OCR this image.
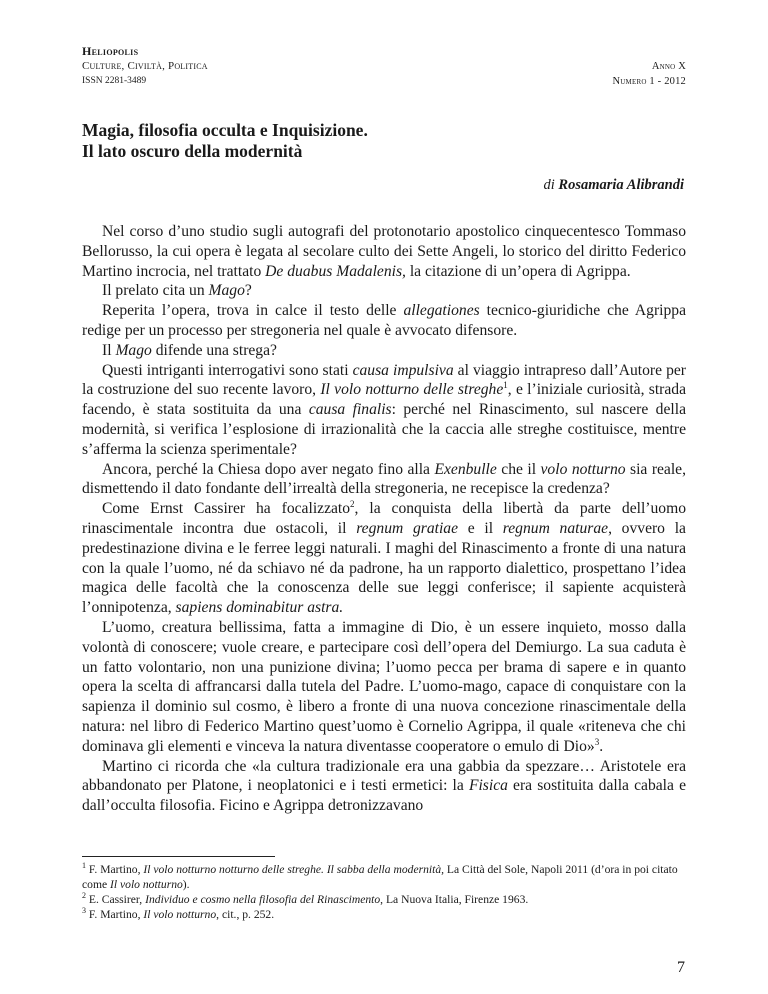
Heliopolis
Culture, Civiltà, Politica
ISSN 2281-3489
Anno X
Numero 1 - 2012
Magia, filosofia occulta e Inquisizione.
Il lato oscuro della modernità
di Rosamaria Alibrandi

Nel corso d’uno studio sugli autografi del protonotario apostolico cinquecentesco Tommaso Bellorusso, la cui opera è legata al secolare culto dei Sette Angeli, lo storico del diritto Federico Martino incrocia, nel trattato De duabus Madalenis, la citazione di un’opera di Agrippa.

Il prelato cita un Mago?

Reperita l’opera, trova in calce il testo delle allegationes tecnico-giuridiche che Agrippa redige per un processo per stregoneria nel quale è avvocato difensore.

Il Mago difende una strega?

Questi intriganti interrogativi sono stati causa impulsiva al viaggio intrapreso dall’Autore per la costruzione del suo recente lavoro, Il volo notturno delle streghe$^1$, e l’iniziale curiosità, strada facendo, è stata sostituita da una causa finalis: perché nel Rinascimento, sul nascere della modernità, si verifica l’esplosione di irrazionalità che la caccia alle streghe costituisce, mentre s’afferma la scienza sperimentale?

Ancora, perché la Chiesa dopo aver negato fino alla Exenbulle che il volo notturno sia reale, dismettendo il dato fondante dell’irrealtà della stregoneria, ne recepisce la credenza?

Come Ernst Cassirer ha focalizzato$^2$, la conquista della libertà da parte dell’uomo rinascimentale incontra due ostacoli, il regnum gratiae e il regnum naturae, ovvero la predestinazione divina e le ferree leggi naturali. I maghi del Rinascimento a fronte di una natura con la quale l’uomo, né da schiavo né da padrone, ha un rapporto dialettico, prospettano l’idea magica delle facoltà che la conoscenza delle sue leggi conferisce; il sapiente acquisterà l’onnipotenza, sapiens dominabitur astra.

L’uomo, creatura bellissima, fatta a immagine di Dio, è un essere inquieto, mosso dalla volontà di conoscere; vuole creare, e partecipare così dell’opera del Demiurgo. La sua caduta è un fatto volontario, non una punizione divina; l’uomo pecca per brama di sapere e in quanto opera la scelta di affrancarsi dalla tutela del Padre. L’uomo-mago, capace di conquistare con la sapienza il dominio sul cosmo, è libero a fronte di una nuova concezione rinascimentale della natura: nel libro di Federico Martino quest’uomo è Cornelio Agrippa, il quale «riteneva che chi dominava gli elementi e vinceva la natura diventasse cooperatore o emulo di Dio»$^3$.

Martino ci ricorda che «la cultura tradizionale era una gabbia da spezzare… Aristotele era abbandonato per Platone, i neoplatonici e i testi ermetici: la Fisica era sostituita dalla cabala e dall’occulta filosofia. Ficino e Agrippa detronizzavano

$^1$ F. Martino, Il volo notturno notturno delle streghe. Il sabba della modernità, La Città del Sole, Napoli 2011 (d’ora in poi citato come Il volo notturno).

$^2$ E. Cassirer, Individuo e cosmo nella filosofia del Rinascimento, La Nuova Italia, Firenze 1963.

$^3$ F. Martino, Il volo notturno, cit., p. 252.

7
